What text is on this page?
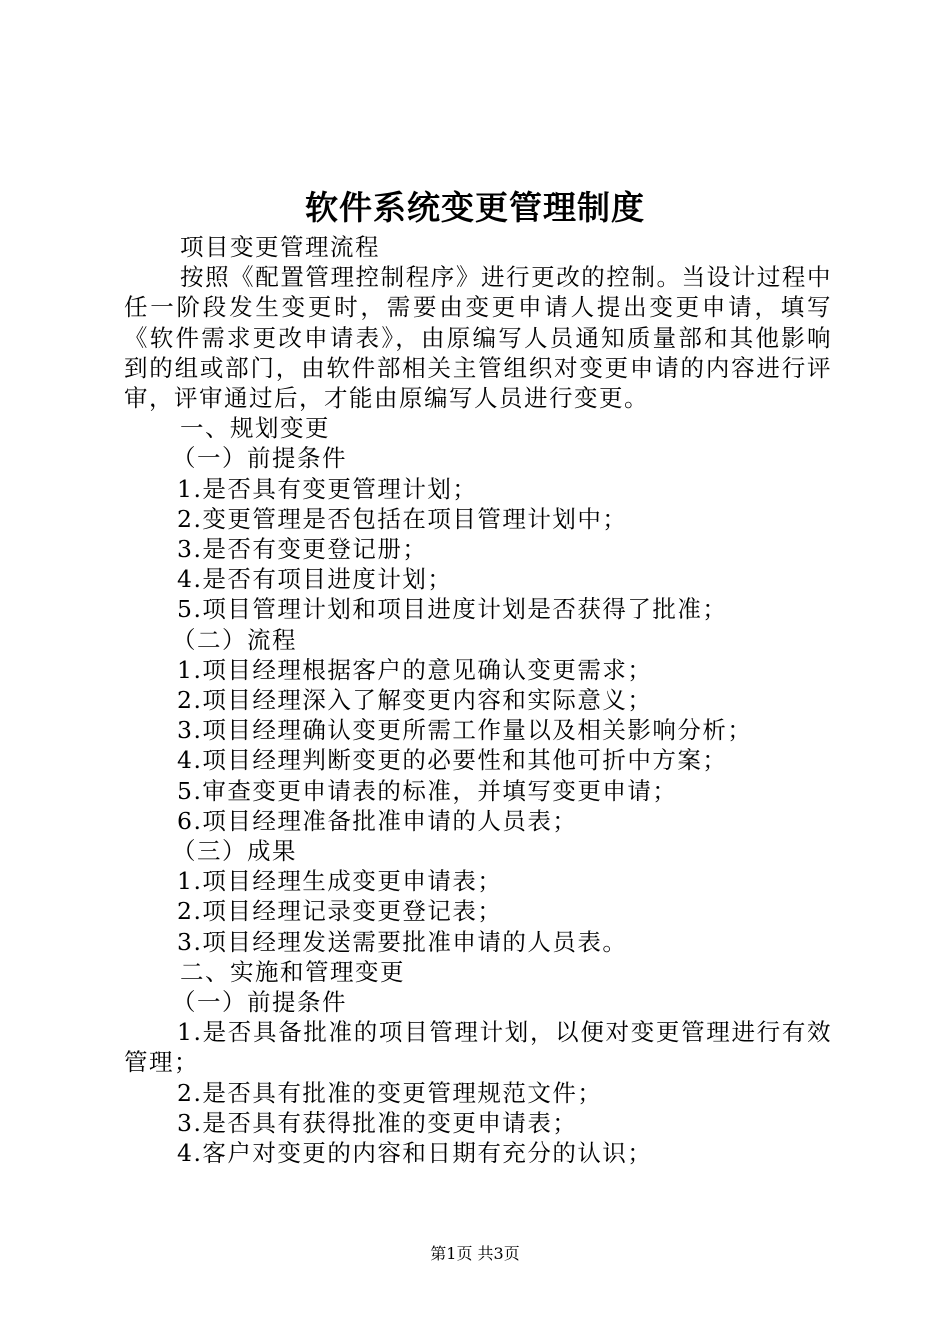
软件系统变更管理制度

项目变更管理流程

按照《配置管理控制程序》进行更改的控制。当设计过程中任一阶段发生变更时，需要由变更申请人提出变更申请，填写《软件需求更改申请表》，由原编写人员通知质量部和其他影响到的组或部门，由软件部相关主管组织对变更申请的内容进行评审，评审通过后，才能由原编写人员进行变更。

一、规划变更

（一）前提条件

1.是否具有变更管理计划；

2.变更管理是否包括在项目管理计划中；

3.是否有变更登记册；

4.是否有项目进度计划；

5.项目管理计划和项目进度计划是否获得了批准；

（二）流程

1.项目经理根据客户的意见确认变更需求；

2.项目经理深入了解变更内容和实际意义；

3.项目经理确认变更所需工作量以及相关影响分析；

4.项目经理判断变更的必要性和其他可折中方案；

5.审查变更申请表的标准，并填写变更申请；

6.项目经理准备批准申请的人员表；

（三）成果

1.项目经理生成变更申请表；

2.项目经理记录变更登记表；

3.项目经理发送需要批准申请的人员表。

二、实施和管理变更

（一）前提条件

1.是否具备批准的项目管理计划，以便对变更管理进行有效管理；

2.是否具有批准的变更管理规范文件；

3.是否具有获得批准的变更申请表；

4.客户对变更的内容和日期有充分的认识；

第1页 共3页
